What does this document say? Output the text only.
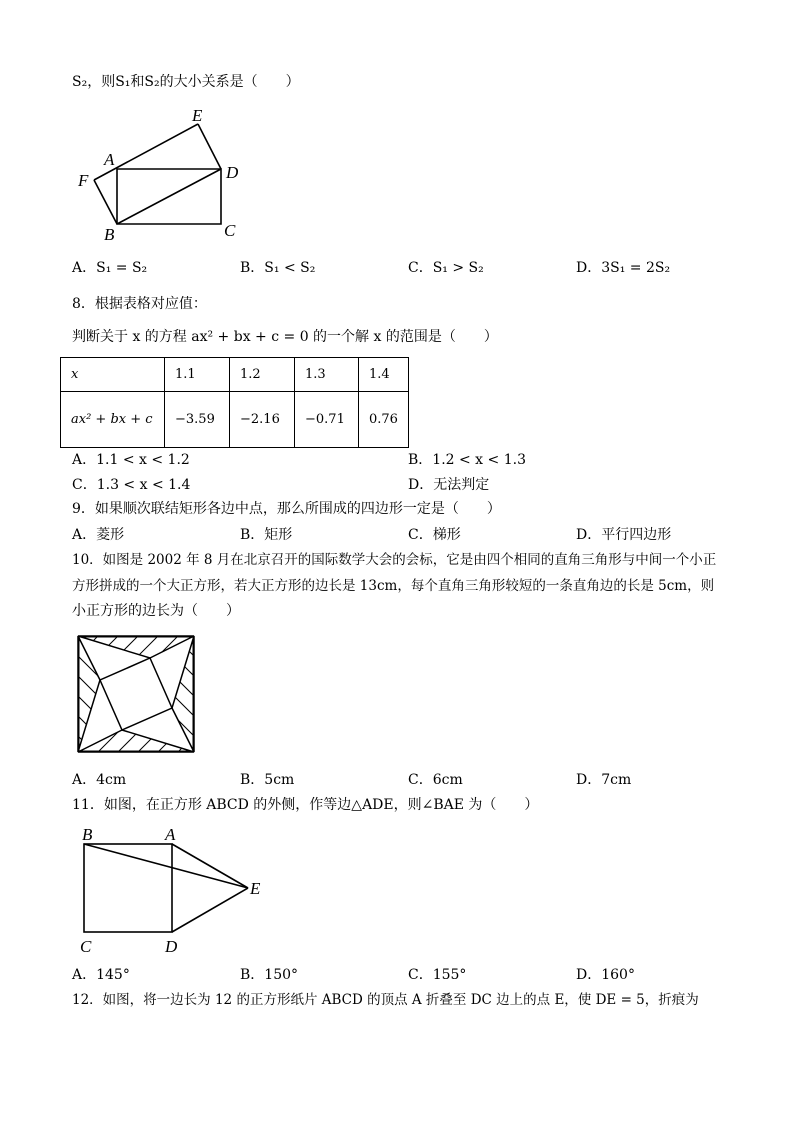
S₂，则S₁和S₂的大小关系是（　　）
E
A
D
F
B	C
A．S₁ = S₂	B．S₁ < S₂	C．S₁ > S₂	D．3S₁ = 2S₂
8．根据表格对应值：
判断关于 x 的方程 ax² + bx + c = 0 的一个解 x 的范围是（　　）
x	1.1	1.2	1.3	1.4
ax² + bx + c	−3.59	−2.16	−0.71	0.76
A．1.1 < x < 1.2	B．1.2 < x < 1.3
C．1.3 < x < 1.4	D．无法判定
9．如果顺次联结矩形各边中点，那么所围成的四边形一定是（　　）
A．菱形	B．矩形	C．梯形	D．平行四边形
10．如图是 2002 年 8 月在北京召开的国际数学大会的会标，它是由四个相同的直角三角形与中间一个小正
方形拼成的一个大正方形，若大正方形的边长是 13cm，每个直角三角形较短的一条直角边的长是 5cm，则
小正方形的边长为（　　）
A．4cm	B．5cm	C．6cm	D．7cm
11．如图，在正方形 ABCD 的外侧，作等边△ADE，则∠BAE 为（　　）
B	A
E
C	D
A．145°	B．150°	C．155°	D．160°
12．如图，将一边长为 12 的正方形纸片 ABCD 的顶点 A 折叠至 DC 边上的点 E，使 DE = 5，折痕为
